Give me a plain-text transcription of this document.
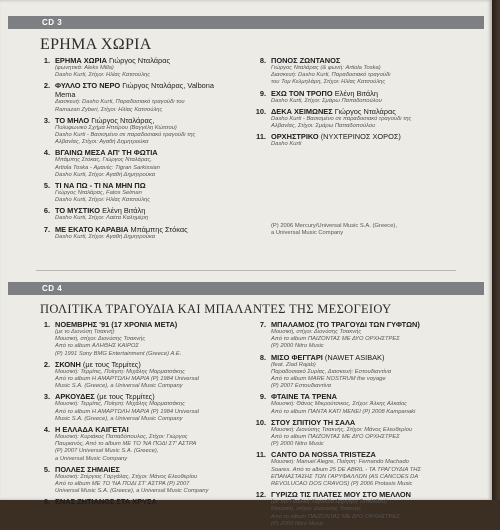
CD 3
ΕΡΗΜΑ ΧΩΡΙΑ
1. ΕΡΗΜΑ ΧΩΡΙΑ Γιώργος Νταλάρας
(φωνητικά: Aleks Milla)
Dasho Kurti, Στίχοι: Ηλίας Κατσούλης
2. ΦΥΛΛΟ ΣΤΟ ΝΕΡΟ Γιώργος Νταλάρας, Valbona Mema
Διασκευή: Dasho Kurti, Παραδοσιακό τραγούδι του
Ramazan Zyberi, Στίχοι: Ηλίας Κατσούλης
3. ΤΟ ΜΗΛΟ Γιώργος Νταλάρας,
Πολυφωνικό Σχήμα Ηπείρου (Βαγγέλη Κώτσου)
Dasho Kurti - Βασισμένο σε παραδοσιακό τραγούδι της
Αλβανίας, Στίχοι: Αγαθή Δημητρούκα
4. ΒΓΑΙΝΩ ΜΕΣΑ ΑΠ' ΤΗ ΦΩΤΙΑ
Μπάμπης Στόκας, Γιώργος Νταλάρας,
Artiola Toska - Αμανές: Tigran Sarkissian
Dasho Kurti, Στίχοι: Αγαθή Δημητρούκα
5. ΤΙ ΝΑ ΠΩ - ΤΙ ΝΑ ΜΗΝ ΠΩ
Γιώργος Νταλάρας, Fatos Selman
Dasho Kurti, Στίχοι: Ηλίας Κατσούλης
6. ΤΟ ΜΥΣΤΙΚΟ Ελένη Βιτάλη
Dasho Kurti, Στίχοι: Λαέτα Καλημέρη
7. ΜΕ ΕΚΑΤΟ ΚΑΡΑΒΙΑ Μπάμπης Στόκας
Dasho Kurti, Στίχοι: Αγαθή Δημητρούκα
8. ΠΟΝΟΣ ΖΩΝΤΑΝΟΣ
Γιώργος Νταλάρας (& φωνή: Artiola Toska)
Διασκευή: Dasho Kurti, Παραδοσιακό τραγούδι
του Τομ Κελμηλάρη, Στίχοι: Ηλίας Κατσούλης
9. ΕΧΩ ΤΟΝ ΤΡΟΠΟ Ελένη Βιτάλη
Dasho Kurti, Στίχοι: Σμάρω Παπαδοπούλου
10. ΔΕΚΑ ΧΕΙΜΩΝΕΣ Γιώργος Νταλάρας
Dasho Kurti - Βασισμένο σε παραδοσιακό τραγούδι της
Αλβανίας, Στίχοι: Σμάρω Παπαδοπούλου
11. ΟΡΧΗΣΤΡΙΚΟ (ΝΥΧΤΕΡΙΝΟΣ ΧΟΡΟΣ)
Dasho Kurti
(P) 2006 Mercury/Universal Music S.A. (Greece),
a Universal Music Company
CD 4
ΠΟΛΙΤΙΚΑ ΤΡΑΓΟΥΔΙΑ ΚΑΙ ΜΠΑΛΑΝΤΕΣ ΤΗΣ ΜΕΣΟΓΕΙΟΥ
1. ΝΟΕΜΒΡΗΣ '91 (17 ΧΡΟΝΙΑ ΜΕΤΑ)
(με το Διονύση Τσακνή)
Μουσική, στίχοι: Διονύσης Τσακνής
Από το album ΑΛΗΘΗΣ ΚΑΙΡΟΣ
(P) 1991 Sony BMG Entertainment (Greece) A.E.
2. ΣΚΟΝΗ (με τους Τερμίτες)
Μουσική: Τερμίτες, Ποίηση: Μιχάλης Μαρματσάκης
Από το album Η ΑΜΑΡΤΩΛΗ ΜΑΡΙΑ (P) 1984 Universal
Music S.A. (Greece), a Universal Music Company
3. ΑΡΚΟΥΔΕΣ (με τους Τερμίτες)
Μουσική: Τερμίτες, Ποίηση: Μιχάλης Μαρματσάκης
Από το album Η ΑΜΑΡΤΩΛΗ ΜΑΡΙΑ (P) 1984 Universal
Music S.A. (Greece), a Universal Music Company
4. Η ΕΛΛΑΔΑ ΚΑΙΓΕΤΑΙ
Μουσική: Κυριάκος Παπαδόπουλος, Στίχοι: Γιώργος
Παυριανός, Από το album ΜΕ ΤΟ 'ΝΑ ΠΟΔΙ ΣΤ' ΑΣΤΡΑ
(P) 2007 Universal Music S.A. (Greece),
a Universal Music Company
5. ΠΟΛΛΕΣ ΣΗΜΑΙΕΣ
Μουσική: Στέργιος Γαργάλας, Στίχοι: Μάνος Ελευθερίου
Από το album ΜΕ ΤΟ 'ΝΑ ΠΟΔΙ ΣΤ' ΑΣΤΡΑ (P) 2007
Universal Music S.A. (Greece), a Universal Music Company
6. ΕΝΑΣ ΖΗΤΙΑΝΟΣ ΣΤΑ ΧΡΥΣΑ
7. ΜΠΑΛΑΜΟΣ (ΤΟ ΤΡΑΓΟΥΔΙ ΤΩΝ ΓΥΦΤΩΝ)
Μουσική, στίχοι: Διονύσης Τσακνής
Από το album ΠΑΙΖΟΝΤΑΣ ΜΕ ΔΥΟ ΟΡΧΗΣΤΡΕΣ
(P) 2000 Nitro Music
8. ΜΙΣΟ ΦΕΓΓΑΡΙ (NAWET ASIBAK)
(feat. Ziad Rajab)
Παραδοσιακό Συρίας, Διασκευή: Εστουδιαντίνα
Από το album MARE NOSTRUM the voyage
(P) 2007 Εστουδιαντίνα
9. ΦΤΑΙΝΕ ΤΑ ΤΡΕΝΑ
Μουσική: Θάνος Μικρούτσικος, Στίχοι: Άλκης Αλκαίος
Από το album ΠΑΝΤΑ ΚΑΤΙ ΜΕΝΕΙ (P) 2008 Kampanaki
10. ΣΤΟΥ ΣΠΙΤΙΟΥ ΤΗ ΣΑΛΑ
Μουσική: Διονύσης Τσακνής, Στίχοι: Μάνος Ελευθερίου
Από το album ΠΑΙΖΟΝΤΑΣ ΜΕ ΔΥΟ ΟΡΧΗΣΤΡΕΣ
(P) 2000 Nitro Music
11. CANTO DA NOSSA TRISTEZA
Μουσική: Manuel Alegre, Ποίηση: Fernando Machado
Soares. Από το album 25 DE ABRIL - ΤΑ ΤΡΑΓΟΥΔΙΑ ΤΗΣ
ΕΠΑΝΑΣΤΑΣΗΣ ΤΩΝ ΓΑΡΥΦΑΛΛΩΝ (AS CANCOES DA
REVOLUCAO DOS CRAVOS) (P) 2006 Protasis Music
12. ΓΥΡΙΖΩ ΤΙΣ ΠΛΑΤΕΣ ΜΟΥ ΣΤΟ ΜΕΛΛΟΝ
(με την Παιδική Χορωδία Δημήτρη Τυπάλδου)
Μουσική, στίχοι: Διονύσης Τσακνής
Από το album ΠΑΙΖΟΝΤΑΣ ΜΕ ΔΥΟ ΟΡΧΗΣΤΡΕΣ
(P) 2000 Nitro Music
